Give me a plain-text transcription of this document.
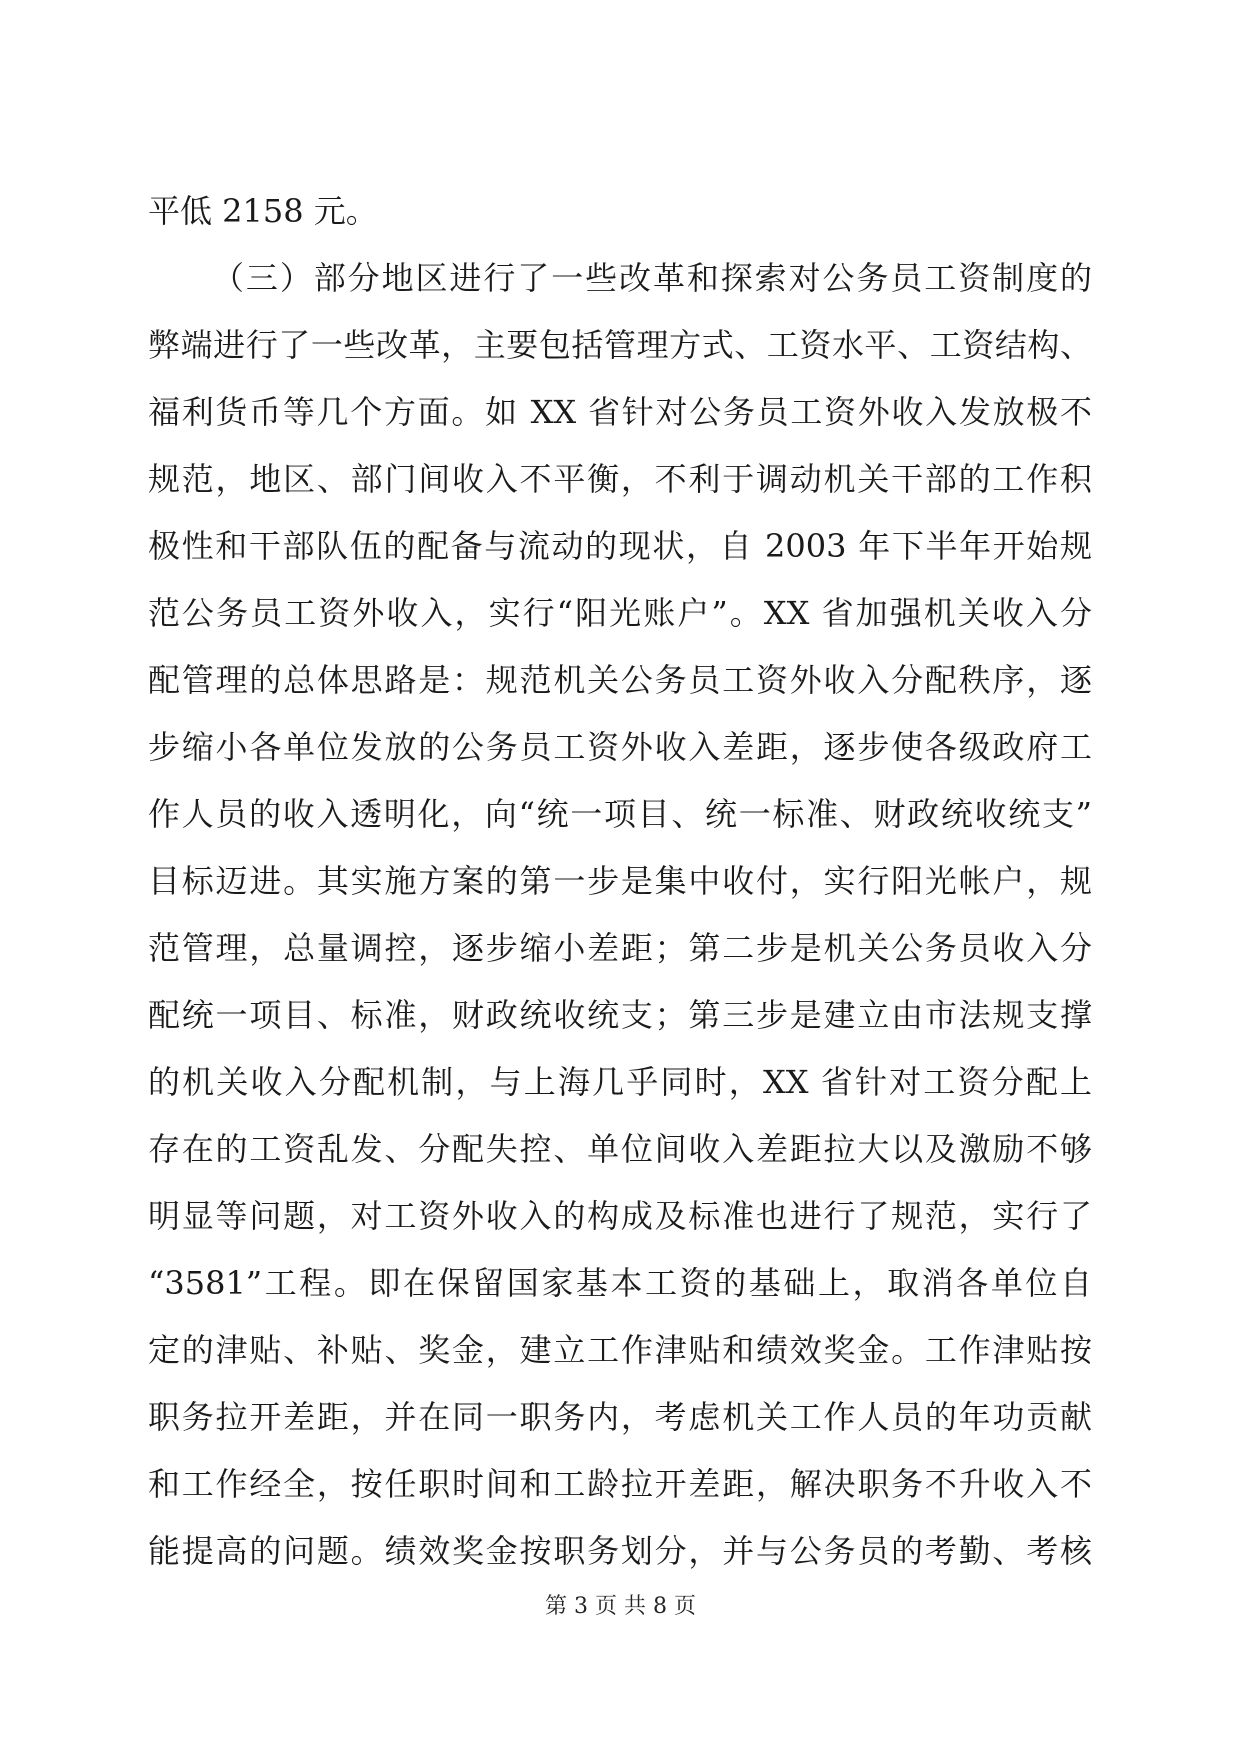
平低 2158 元。
（三）部分地区进行了一些改革和探索对公务员工资制度的
弊端进行了一些改革，主要包括管理方式、工资水平、工资结构、
福利货币等几个方面。如 XX 省针对公务员工资外收入发放极不
规范，地区、部门间收入不平衡，不利于调动机关干部的工作积
极性和干部队伍的配备与流动的现状，自 2003 年下半年开始规
范公务员工资外收入，实行“阳光账户”。XX 省加强机关收入分
配管理的总体思路是：规范机关公务员工资外收入分配秩序，逐
步缩小各单位发放的公务员工资外收入差距，逐步使各级政府工
作人员的收入透明化，向“统一项目、统一标准、财政统收统支”
目标迈进。其实施方案的第一步是集中收付，实行阳光帐户，规
范管理，总量调控，逐步缩小差距；第二步是机关公务员收入分
配统一项目、标准，财政统收统支；第三步是建立由市法规支撑
的机关收入分配机制，与上海几乎同时，XX 省针对工资分配上
存在的工资乱发、分配失控、单位间收入差距拉大以及激励不够
明显等问题，对工资外收入的构成及标准也进行了规范，实行了
“3581”工程。即在保留国家基本工资的基础上，取消各单位自
定的津贴、补贴、奖金，建立工作津贴和绩效奖金。工作津贴按
职务拉开差距，并在同一职务内，考虑机关工作人员的年功贡献
和工作经全，按任职时间和工龄拉开差距，解决职务不升收入不
能提高的问题。绩效奖金按职务划分，并与公务员的考勤、考核
第 3 页 共 8 页
